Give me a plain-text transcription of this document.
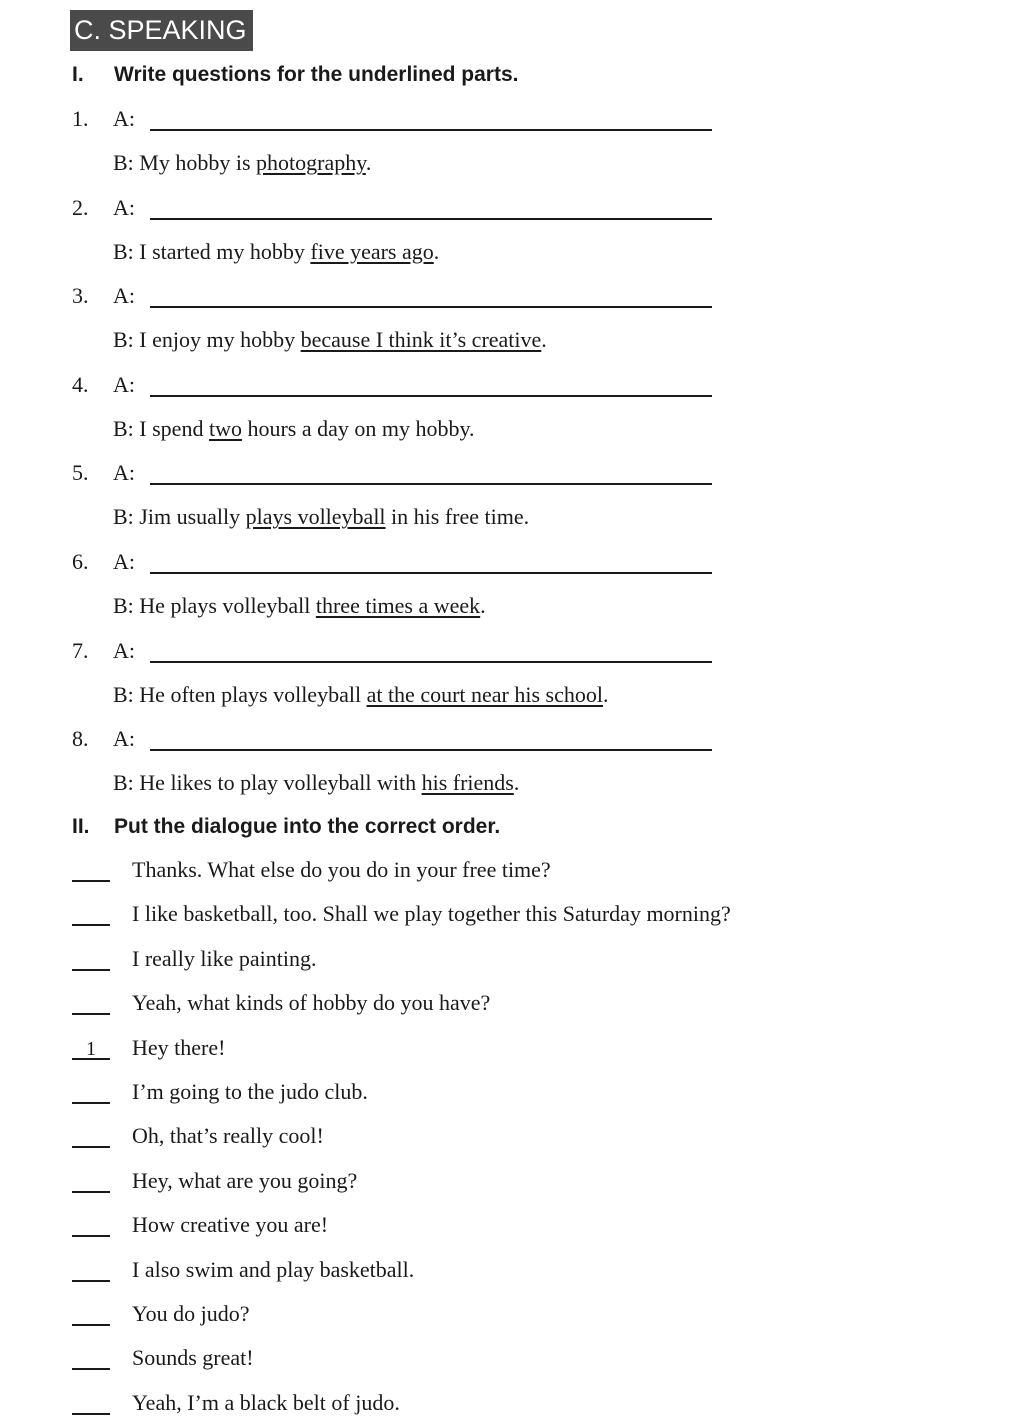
C. SPEAKING
I. Write questions for the underlined parts.
1. A:
B: My hobby is photography.
2. A:
B: I started my hobby five years ago.
3. A:
B: I enjoy my hobby because I think it’s creative.
4. A:
B: I spend two hours a day on my hobby.
5. A:
B: Jim usually plays volleyball in his free time.
6. A:
B: He plays volleyball three times a week.
7. A:
B: He often plays volleyball at the court near his school.
8. A:
B: He likes to play volleyball with his friends.
II. Put the dialogue into the correct order.
Thanks. What else do you do in your free time?
I like basketball, too. Shall we play together this Saturday morning?
I really like painting.
Yeah, what kinds of hobby do you have?
1 Hey there!
I’m going to the judo club.
Oh, that’s really cool!
Hey, what are you going?
How creative you are!
I also swim and play basketball.
You do judo?
Sounds great!
Yeah, I’m a black belt of judo.
